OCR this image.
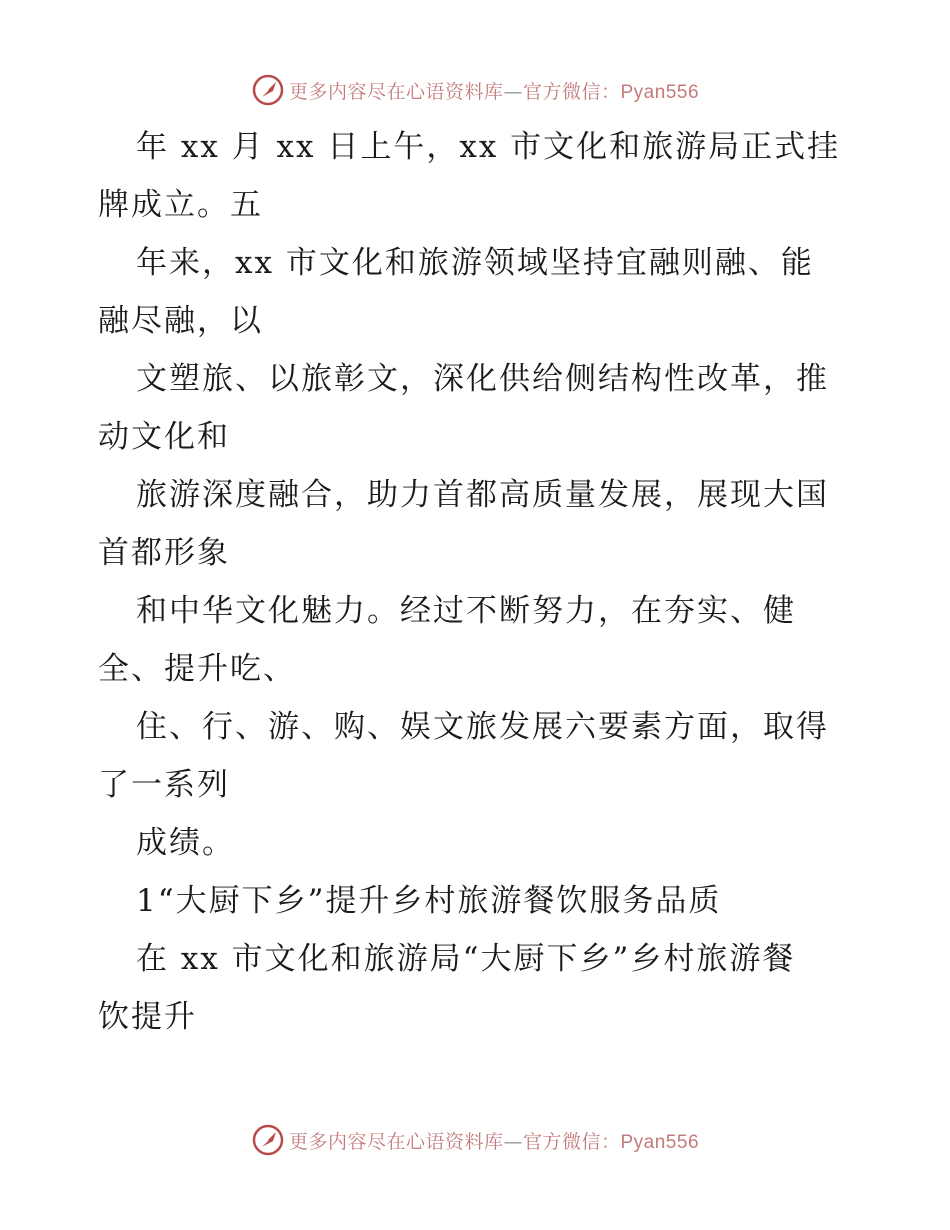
更多内容尽在心语资料库—官方微信：Pyan556
年 xx 月 xx 日上午，xx 市文化和旅游局正式挂
牌成立。五
年来，xx 市文化和旅游领域坚持宜融则融、能
融尽融，以
文塑旅、以旅彰文，深化供给侧结构性改革，推
动文化和
旅游深度融合，助力首都高质量发展，展现大国
首都形象
和中华文化魅力。经过不断努力，在夯实、健
全、提升吃、
住、行、游、购、娱文旅发展六要素方面，取得
了一系列
成绩。
1“大厨下乡”提升乡村旅游餐饮服务品质
在 xx 市文化和旅游局“大厨下乡”乡村旅游餐
饮提升
更多内容尽在心语资料库—官方微信：Pyan556
